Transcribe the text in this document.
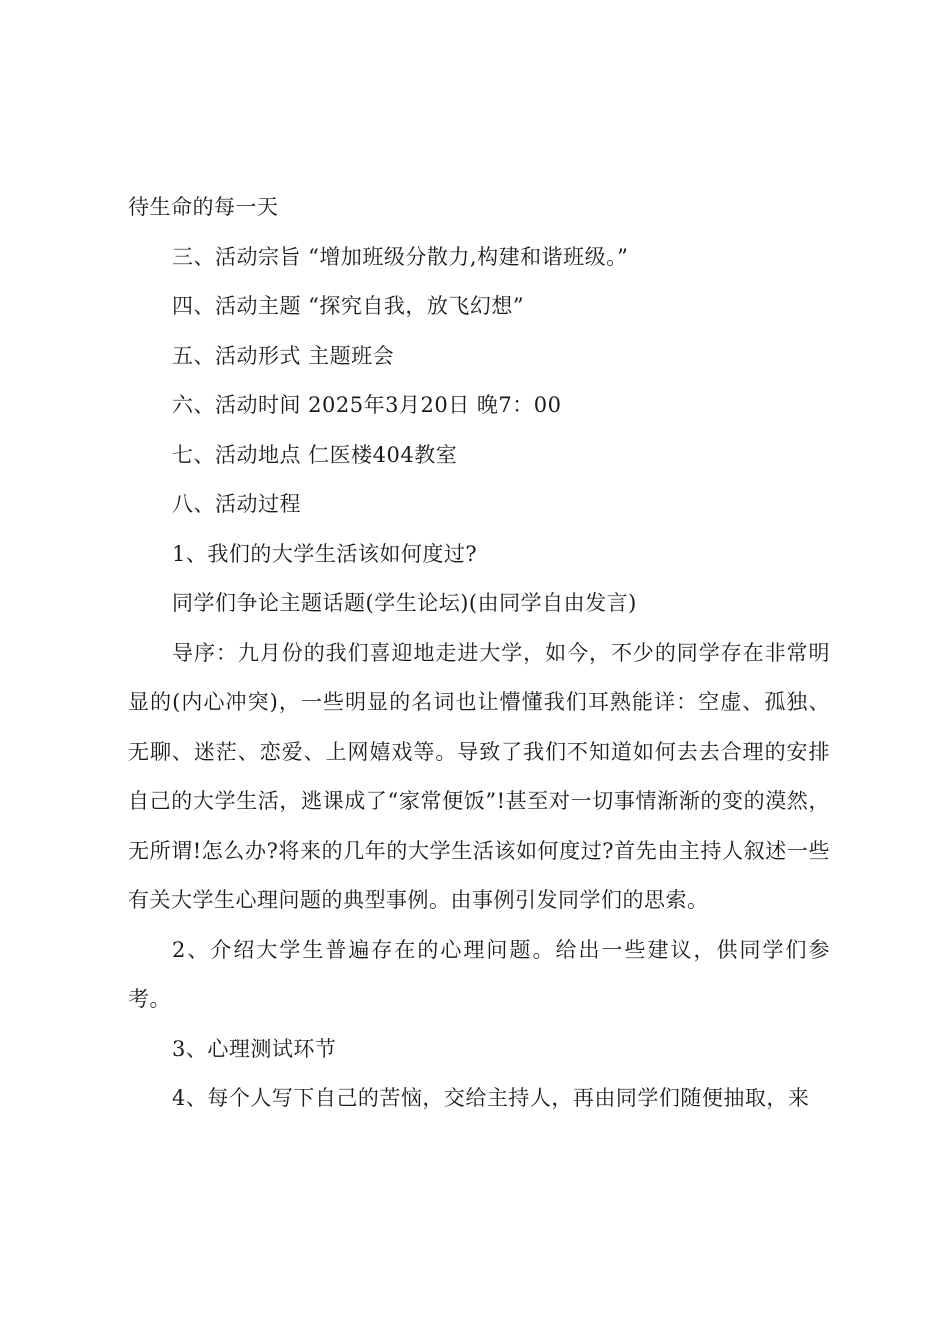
待生命的每一天

三、活动宗旨 “增加班级分散力,构建和谐班级。”

四、活动主题 “探究自我，放飞幻想”

五、活动形式 主题班会

六、活动时间 2025年3月20日 晚7：00

七、活动地点 仁医楼404教室

八、活动过程

1、我们的大学生活该如何度过?

同学们争论主题话题(学生论坛)(由同学自由发言)

导序：九月份的我们喜迎地走进大学，如今，不少的同学存在非常明显的(内心冲突)，一些明显的名词也让懵懂我们耳熟能详：空虚、孤独、无聊、迷茫、恋爱、上网嬉戏等。导致了我们不知道如何去去合理的安排自己的大学生活，逃课成了“家常便饭”!甚至对一切事情渐渐的变的漠然，无所谓!怎么办?将来的几年的大学生活该如何度过?首先由主持人叙述一些有关大学生心理问题的典型事例。由事例引发同学们的思索。

2、介绍大学生普遍存在的心理问题。给出一些建议，供同学们参考。

3、心理测试环节

4、每个人写下自己的苦恼，交给主持人，再由同学们随便抽取，来
